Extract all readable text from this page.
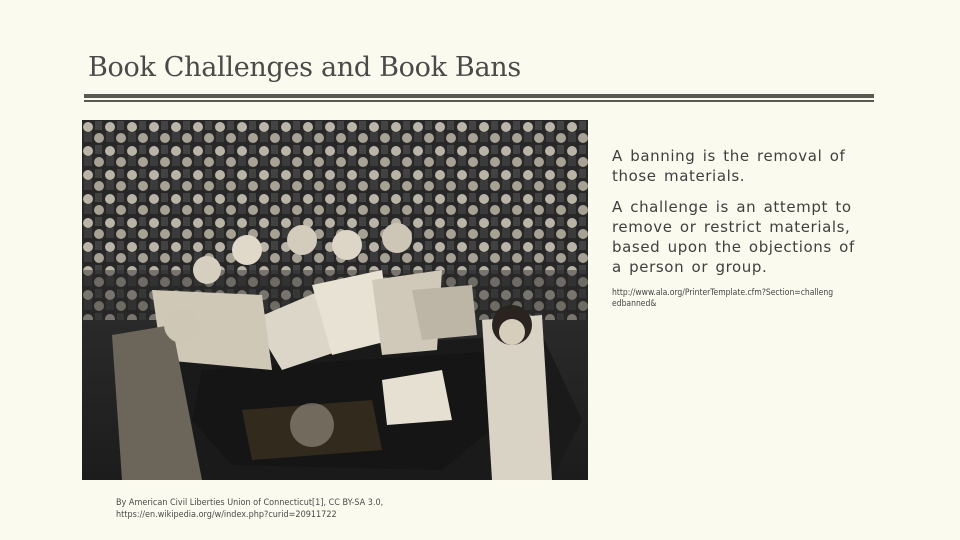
Book Challenges and Book Bans
By American Civil Liberties Union of Connecticut[1], CC BY-SA 3.0,
https://en.wikipedia.org/w/index.php?curid=20911722
A banning is the removal of
those materials.
A challenge is an attempt to
remove or restrict materials,
based upon the objections of
a person or group.
http://www.ala.org/PrinterTemplate.cfm?Section=challeng
edbanned&
